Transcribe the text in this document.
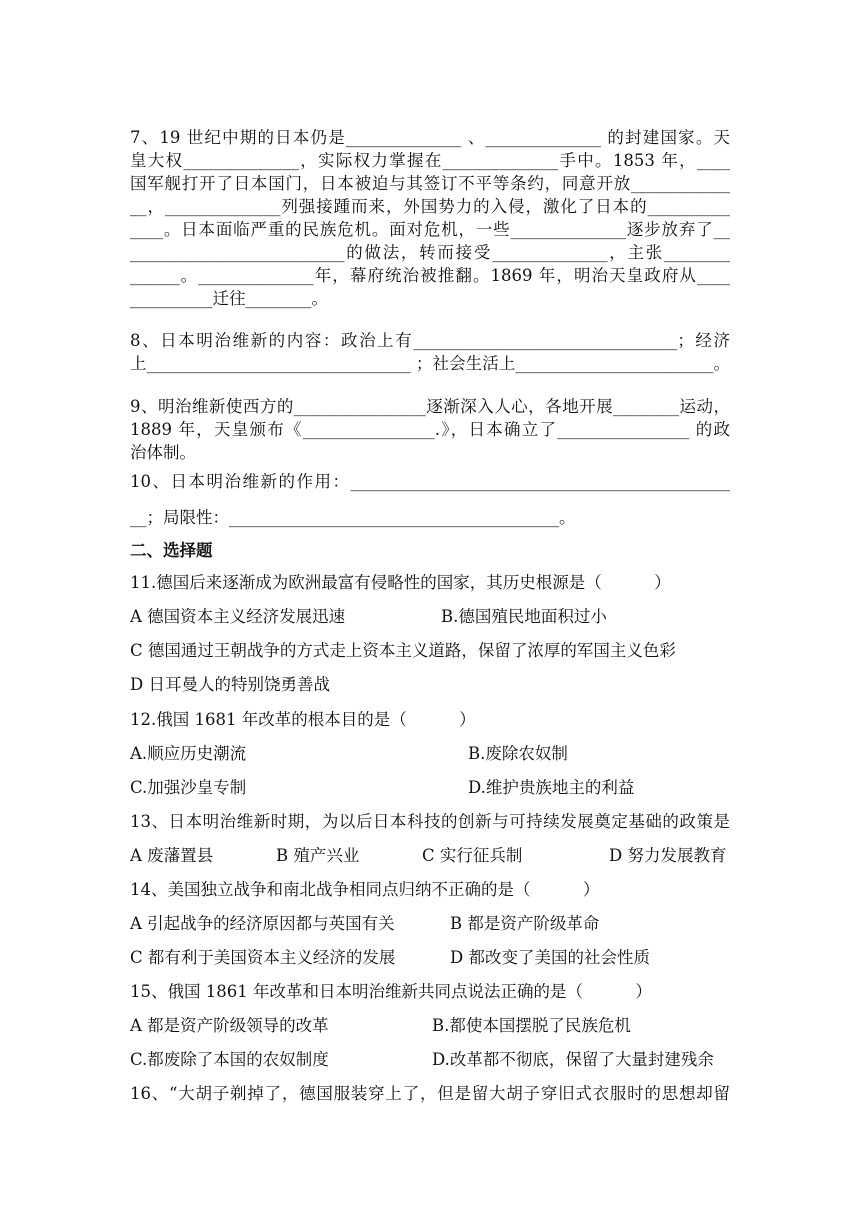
7、19 世纪中期的日本仍是______________ 、______________ 的封建国家。天
皇大权______________，实际权力掌握在______________手中。1853 年，____
国军舰打开了日本国门，日本被迫与其签订不平等条约，同意开放____________
__，______________列强接踵而来，外国势力的入侵，激化了日本的__________
____。日本面临严重的民族危机。面对危机，一些______________逐步放弃了__
__________________________的做法，转而接受______________，主张________
______。______________年，幕府统治被推翻。1869 年，明治天皇政府从____
__________迁往________。
8、日本明治维新的内容：政治上有________________________________；经济
上________________________________ ；社会生活上________________________。
9、明治维新使西方的________________逐渐深入人心，各地开展________运动，
1889 年，天皇颁布《________________.》，日本确立了________________ 的政
治体制。
10、日本明治维新的作用：______________________________________________
__；局限性：________________________________________。
二、选择题
11.德国后来逐渐成为欧洲最富有侵略性的国家，其历史根源是（          ）
A 德国资本主义经济发展迅速	B.德国殖民地面积过小
C 德国通过王朝战争的方式走上资本主义道路，保留了浓厚的军国主义色彩
D 日耳曼人的特别饶勇善战
12.俄国 1681 年改革的根本目的是（          ）
A.顺应历史潮流	B.废除农奴制
C.加强沙皇专制	D.维护贵族地主的利益
13、日本明治维新时期，为以后日本科技的创新与可持续发展奠定基础的政策是
A 废藩置县	B 殖产兴业	C 实行征兵制	D 努力发展教育
14、美国独立战争和南北战争相同点归纳不正确的是（          ）
A 引起战争的经济原因都与英国有关	B 都是资产阶级革命
C 都有利于美国资本主义经济的发展	D 都改变了美国的社会性质
15、俄国 1861 年改革和日本明治维新共同点说法正确的是（          ）
A 都是资产阶级领导的改革	B.都使本国摆脱了民族危机
C.都废除了本国的农奴制度	D.改革都不彻底，保留了大量封建残余
16、“大胡子剃掉了，德国服装穿上了，但是留大胡子穿旧式衣服时的思想却留
